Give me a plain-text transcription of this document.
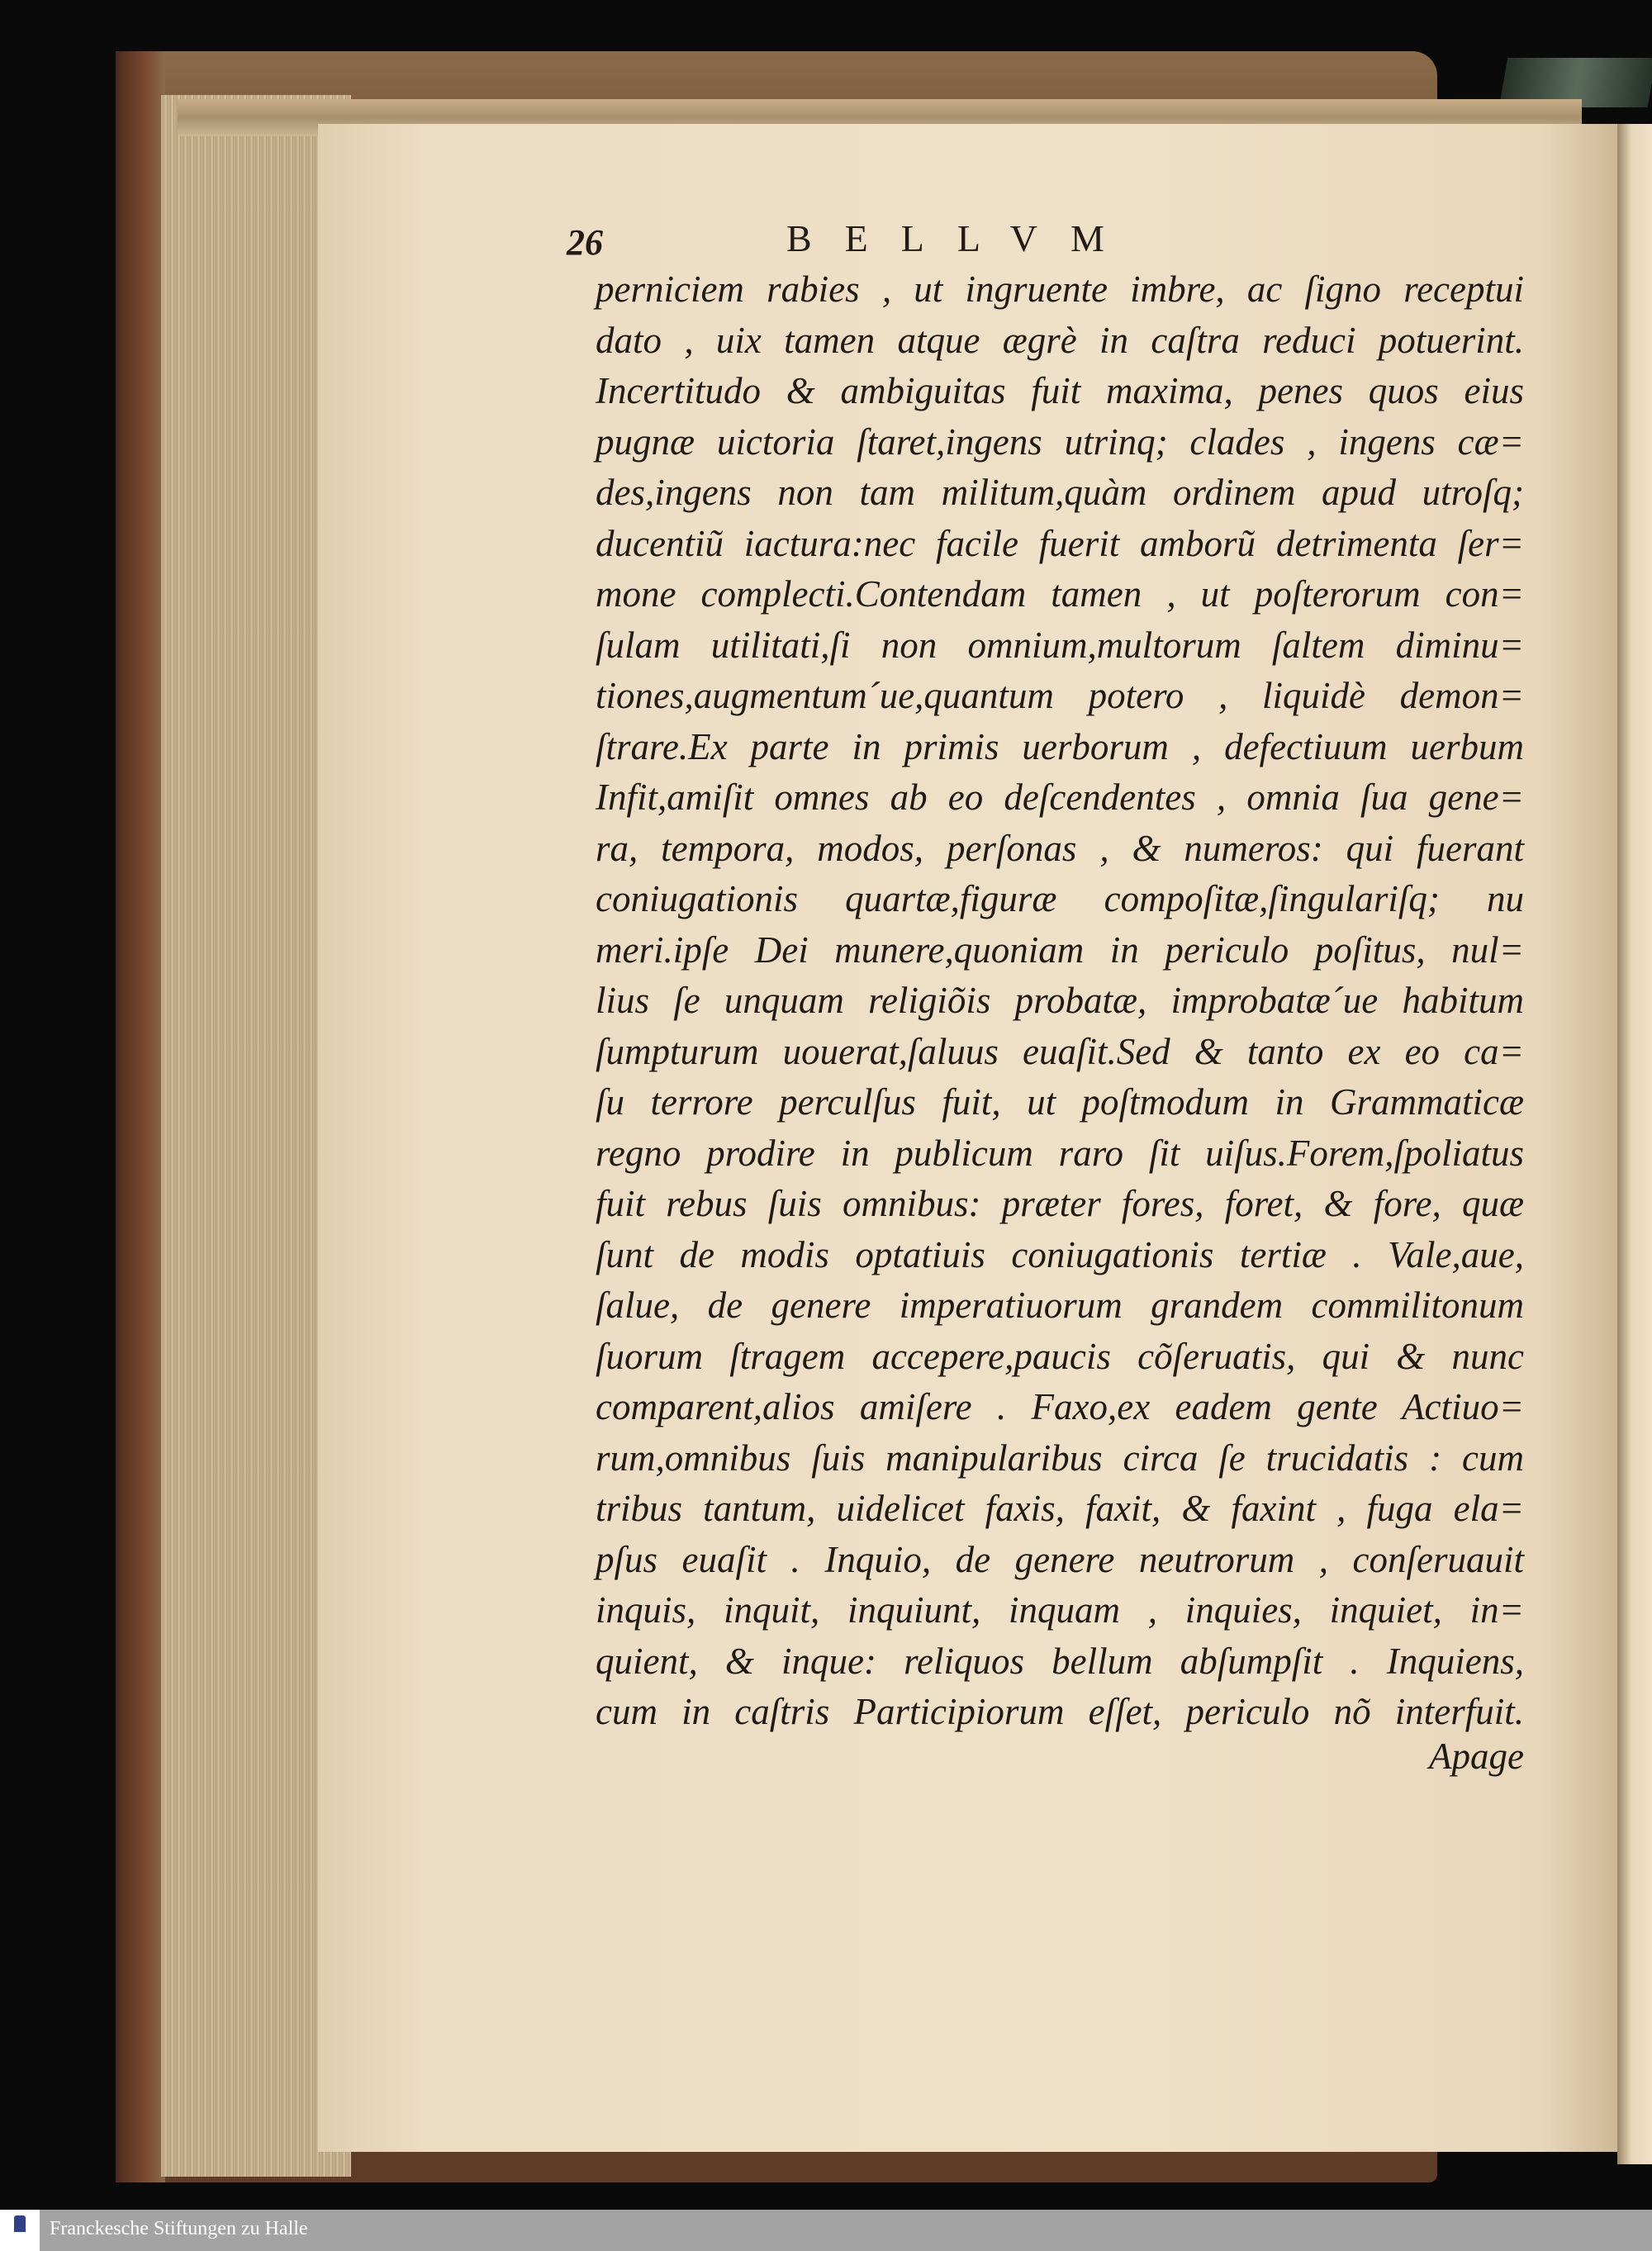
26	BELLVM
perniciem rabies , ut ingruente imbre, ac ſigno receptui
dato , uix tamen atque ægrè in caſtra reduci potuerint.
Incertitudo & ambiguitas fuit maxima, penes quos eius
pugnæ uictoria ſtaret,ingens utrinq; clades , ingens cæ=
des,ingens non tam militum,quàm ordinem apud utroſq;
ducentiũ iactura:nec facile fuerit amborũ detrimenta ſer=
mone complecti.Contendam tamen , ut poſterorum con=
ſulam utilitati,ſi non omnium,multorum ſaltem diminu=
tiones,augmentum´ue,quantum potero , liquidè demon=
ſtrare.Ex parte in primis uerborum , defectiuum uerbum
Infit,amiſit omnes ab eo deſcendentes , omnia ſua gene=
ra, tempora, modos, perſonas , & numeros: qui fuerant
coniugationis quartæ,figuræ compoſitæ,ſingulariſq; nu
meri.ipſe Dei munere,quoniam in periculo poſitus, nul=
lius ſe unquam religiõis probatæ, improbatæ´ue habitum
ſumpturum uouerat,ſaluus euaſit.Sed & tanto ex eo ca=
ſu terrore perculſus fuit, ut poſtmodum in Grammaticæ
regno prodire in publicum raro ſit uiſus.Forem,ſpoliatus
fuit rebus ſuis omnibus: præter fores, foret, & fore, quæ
ſunt de modis optatiuis coniugationis tertiæ . Vale,aue,
ſalue, de genere imperatiuorum grandem commilitonum
ſuorum ſtragem accepere,paucis cõſeruatis, qui & nunc
comparent,alios amiſere . Faxo,ex eadem gente Actiuo=
rum,omnibus ſuis manipularibus circa ſe trucidatis : cum
tribus tantum, uidelicet faxis, faxit, & faxint , fuga ela=
pſus euaſit . Inquio, de genere neutrorum , conſeruauit
inquis, inquit, inquiunt, inquam , inquies, inquiet, in=
quient, & inque: reliquos bellum abſumpſit . Inquiens,
cum in caſtris Participiorum eſſet, periculo nõ interfuit.
Apage
Franckesche Stiftungen zu Halle
